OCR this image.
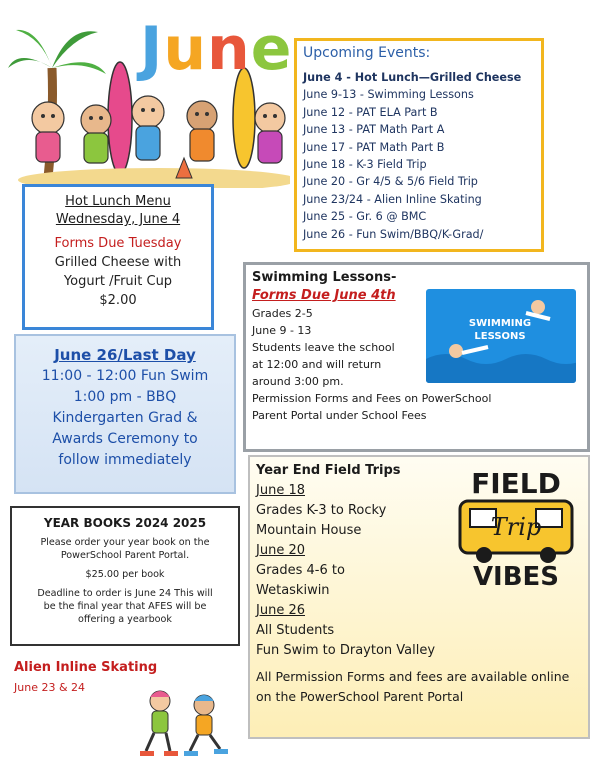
June Upcoming Events:
June 4 - Hot Lunch—Grilled Cheese
June 9-13 - Swimming Lessons
June 12 - PAT ELA Part B
June 13 - PAT Math Part A
June 17 - PAT Math Part B
June 18 - K-3 Field Trip
June 20 - Gr 4/5 & 5/6 Field Trip
June 23/24 - Alien Inline Skating
June 25 - Gr. 6 @ BMC
June 26 - Fun Swim/BBQ/K-Grad/
Hot Lunch Menu
Wednesday, June 4
Forms Due Tuesday
Grilled Cheese with
Yogurt /Fruit Cup
$2.00
June 26/Last Day
11:00 - 12:00 Fun Swim
1:00 pm - BBQ
Kindergarten Grad &
Awards Ceremony to
follow immediately
Swimming Lessons-
Forms Due June 4th
Grades 2-5
June 9 - 13
Students leave the school
at 12:00 and will return
around 3:00 pm.
Permission Forms and Fees on PowerSchool
Parent Portal under School Fees
SWIMMING LESSONS
YEAR BOOKS 2024 2025
Please order your year book on the PowerSchool Parent Portal.
$25.00 per book
Deadline to order is June 24 This will be the final year that AFES will be offering a yearbook
Alien Inline Skating
June 23 & 24
Year End Field Trips
June 18
Grades K-3 to Rocky
Mountain House
June 20
Grades 4-6 to
Wetaskiwin
June 26
All Students
Fun Swim to Drayton Valley
All Permission Forms and fees are available online on the PowerSchool Parent Portal
FIELD
Trip
VIBES
